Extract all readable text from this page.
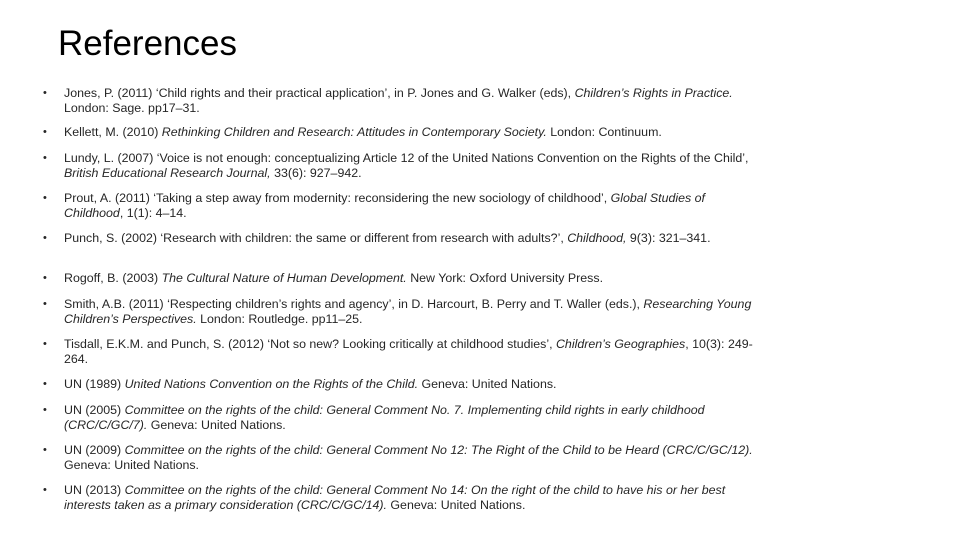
References
•	Jones, P. (2011) ‘Child rights and their practical application’, in P. Jones and G. Walker (eds), Children’s Rights in Practice. London: Sage. pp17–31.
•	Kellett, M. (2010) Rethinking Children and Research: Attitudes in Contemporary Society. London: Continuum.
•	Lundy, L. (2007) ‘Voice is not enough: conceptualizing Article 12 of the United Nations Convention on the Rights of the Child’, British Educational Research Journal, 33(6): 927–942.
•	Prout, A. (2011) ‘Taking a step away from modernity: reconsidering the new sociology of childhood’, Global Studies of Childhood, 1(1): 4–14.
•	Punch, S. (2002) ‘Research with children: the same or different from research with adults?’, Childhood, 9(3): 321–341.
•	Rogoff, B. (2003) The Cultural Nature of Human Development. New York: Oxford University Press.
•	Smith, A.B. (2011) ‘Respecting children’s rights and agency’, in D. Harcourt, B. Perry and T. Waller (eds.), Researching Young Children’s Perspectives. London: Routledge. pp11–25.
•	Tisdall, E.K.M. and Punch, S. (2012) ‘Not so new? Looking critically at childhood studies’, Children’s Geographies, 10(3): 249-264.
•	UN (1989) United Nations Convention on the Rights of the Child. Geneva: United Nations.
•	UN (2005) Committee on the rights of the child: General Comment No. 7. Implementing child rights in early childhood (CRC/C/GC/7). Geneva: United Nations.
•	UN (2009) Committee on the rights of the child: General Comment No 12: The Right of the Child to be Heard (CRC/C/GC/12). Geneva: United Nations.
•	UN (2013) Committee on the rights of the child: General Comment No 14: On the right of the child to have his or her best interests taken as a primary consideration (CRC/C/GC/14). Geneva: United Nations.
